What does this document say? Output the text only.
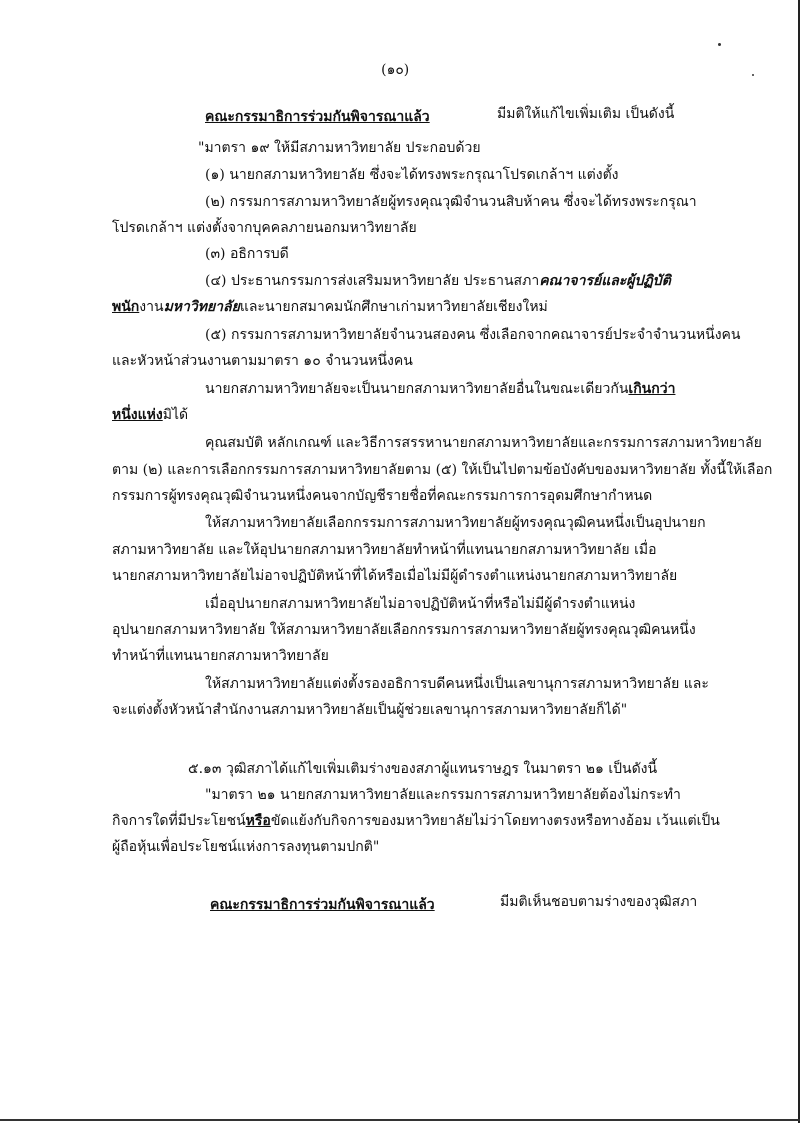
(๑๐)
คณะกรรมาธิการร่วมกันพิจารณาแล้ว	มีมติให้แก้ไขเพิ่มเติม เป็นดังนี้
"มาตรา ๑๙ ให้มีสภามหาวิทยาลัย ประกอบด้วย
(๑) นายกสภามหาวิทยาลัย ซึ่งจะได้ทรงพระกรุณาโปรดเกล้าฯ แต่งตั้ง
(๒) กรรมการสภามหาวิทยาลัยผู้ทรงคุณวุฒิจำนวนสิบห้าคน ซึ่งจะได้ทรงพระกรุณา
โปรดเกล้าฯ แต่งตั้งจากบุคคลภายนอกมหาวิทยาลัย
(๓) อธิการบดี
(๔) ประธานกรรมการส่งเสริมมหาวิทยาลัย ประธานสภาคณาจารย์และผู้ปฏิบัติ
พนักงานมหาวิทยาลัยและนายกสมาคมนักศึกษาเก่ามหาวิทยาลัยเชียงใหม่
(๕) กรรมการสภามหาวิทยาลัยจำนวนสองคน ซึ่งเลือกจากคณาจารย์ประจำจำนวนหนึ่งคน
และหัวหน้าส่วนงานตามมาตรา ๑๐ จำนวนหนึ่งคน
นายกสภามหาวิทยาลัยจะเป็นนายกสภามหาวิทยาลัยอื่นในขณะเดียวกันเกินกว่า
หนึ่งแห่งมิได้
คุณสมบัติ หลักเกณฑ์ และวิธีการสรรหานายกสภามหาวิทยาลัยและกรรมการสภามหาวิทยาลัย
ตาม (๒) และการเลือกกรรมการสภามหาวิทยาลัยตาม (๕) ให้เป็นไปตามข้อบังคับของมหาวิทยาลัย ทั้งนี้ให้เลือก
กรรมการผู้ทรงคุณวุฒิจำนวนหนึ่งคนจากบัญชีรายชื่อที่คณะกรรมการการอุดมศึกษากำหนด
ให้สภามหาวิทยาลัยเลือกกรรมการสภามหาวิทยาลัยผู้ทรงคุณวุฒิคนหนึ่งเป็นอุปนายก
สภามหาวิทยาลัย และให้อุปนายกสภามหาวิทยาลัยทำหน้าที่แทนนายกสภามหาวิทยาลัย เมื่อ
นายกสภามหาวิทยาลัยไม่อาจปฏิบัติหน้าที่ได้หรือเมื่อไม่มีผู้ดำรงตำแหน่งนายกสภามหาวิทยาลัย
เมื่ออุปนายกสภามหาวิทยาลัยไม่อาจปฏิบัติหน้าที่หรือไม่มีผู้ดำรงตำแหน่ง
อุปนายกสภามหาวิทยาลัย ให้สภามหาวิทยาลัยเลือกกรรมการสภามหาวิทยาลัยผู้ทรงคุณวุฒิคนหนึ่ง
ทำหน้าที่แทนนายกสภามหาวิทยาลัย
ให้สภามหาวิทยาลัยแต่งตั้งรองอธิการบดีคนหนึ่งเป็นเลขานุการสภามหาวิทยาลัย และ
จะแต่งตั้งหัวหน้าสำนักงานสภามหาวิทยาลัยเป็นผู้ช่วยเลขานุการสภามหาวิทยาลัยก็ได้"
๕.๑๓ วุฒิสภาได้แก้ไขเพิ่มเติมร่างของสภาผู้แทนราษฎร ในมาตรา ๒๑ เป็นดังนี้
"มาตรา ๒๑ นายกสภามหาวิทยาลัยและกรรมการสภามหาวิทยาลัยต้องไม่กระทำ
กิจการใดที่มีประโยชน์หรือขัดแย้งกับกิจการของมหาวิทยาลัยไม่ว่าโดยทางตรงหรือทางอ้อม เว้นแต่เป็น
ผู้ถือหุ้นเพื่อประโยชน์แห่งการลงทุนตามปกติ"
คณะกรรมาธิการร่วมกันพิจารณาแล้ว	มีมติเห็นชอบตามร่างของวุฒิสภา
